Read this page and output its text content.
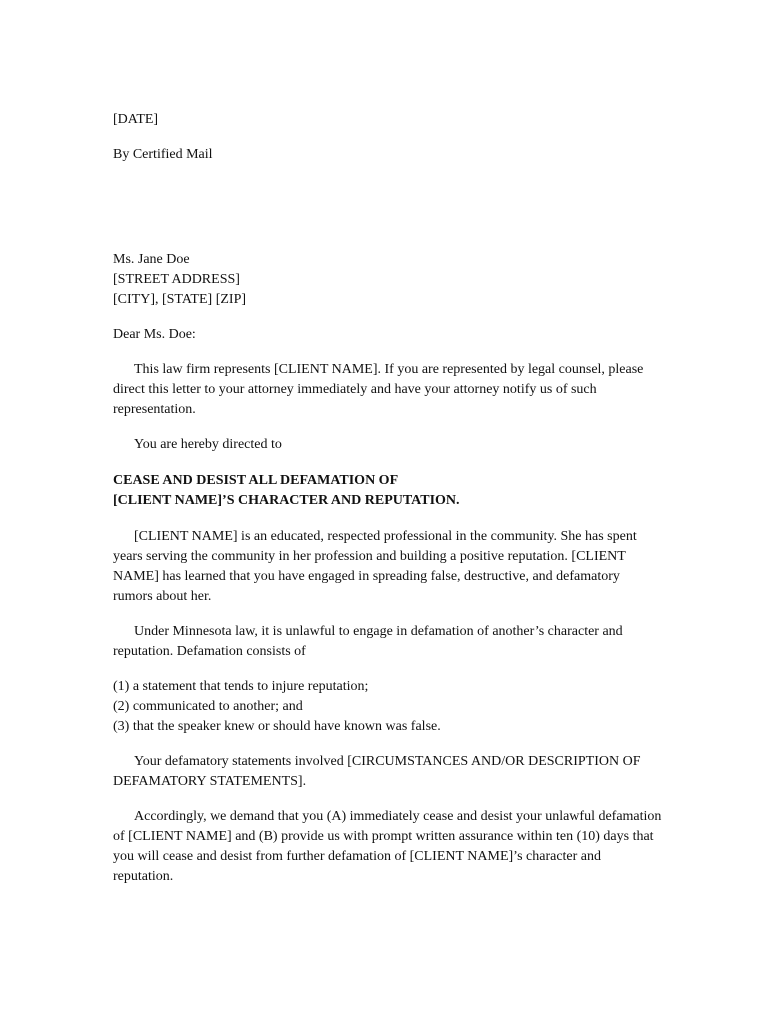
[DATE]

By Certified Mail

Ms. Jane Doe

[STREET ADDRESS]

[CITY], [STATE] [ZIP]

Dear Ms. Doe:

This law firm represents [CLIENT NAME]. If you are represented by legal counsel, please

direct this letter to your attorney immediately and have your attorney notify us of such

representation.

You are hereby directed to

CEASE AND DESIST ALL DEFAMATION OF

[CLIENT NAME]’S CHARACTER AND REPUTATION.

[CLIENT NAME] is an educated, respected professional in the community. She has spent

years serving the community in her profession and building a positive reputation. [CLIENT

NAME] has learned that you have engaged in spreading false, destructive, and defamatory

rumors about her.

Under Minnesota law, it is unlawful to engage in defamation of another’s character and

reputation. Defamation consists of

(1) a statement that tends to injure reputation;

(2) communicated to another; and

(3) that the speaker knew or should have known was false.

Your defamatory statements involved [CIRCUMSTANCES AND/OR DESCRIPTION OF

DEFAMATORY STATEMENTS].

Accordingly, we demand that you (A) immediately cease and desist your unlawful defamation

of [CLIENT NAME] and (B) provide us with prompt written assurance within ten (10) days that

you will cease and desist from further defamation of [CLIENT NAME]’s character and

reputation.
